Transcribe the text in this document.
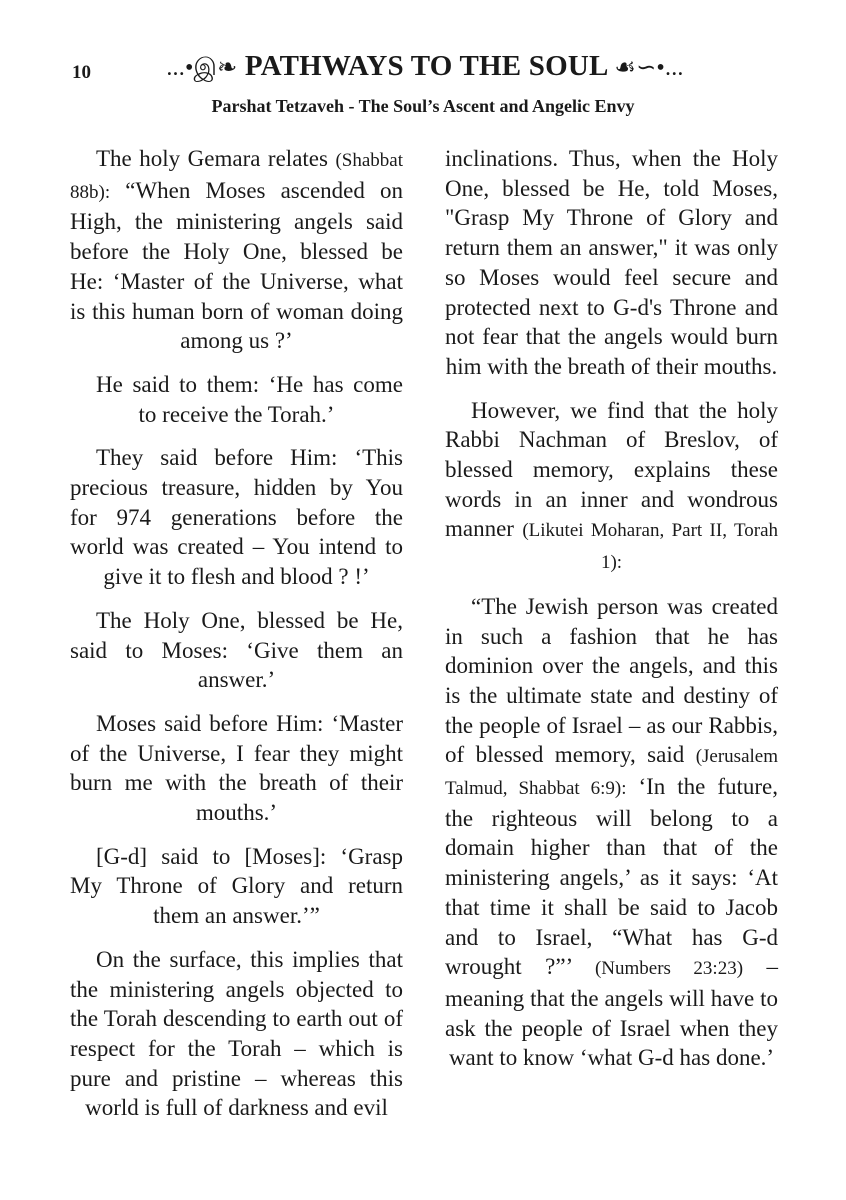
10	...•இ❧ PATHWAYS TO THE SOUL ☙∽•...
Parshat Tetzaveh - The Soul’s Ascent and Angelic Envy

The holy Gemara relates (Shabbat 88b): “When Moses ascended on High, the ministering angels said before the Holy One, blessed be He: ‘Master of the Universe, what is this human born of woman doing among us ?’

He said to them: ‘He has come to receive the Torah.’

They said before Him: ‘This precious treasure, hidden by You for 974 generations before the world was created – You intend to give it to flesh and blood ? !’

The Holy One, blessed be He, said to Moses: ‘Give them an answer.’

Moses said before Him: ‘Master of the Universe, I fear they might burn me with the breath of their mouths.’

[G-d] said to [Moses]: ‘Grasp My Throne of Glory and return them an answer.’”

On the surface, this implies that the ministering angels objected to the Torah descending to earth out of respect for the Torah – which is pure and pristine – whereas this world is full of darkness and evil

inclinations. Thus, when the Holy One, blessed be He, told Moses, "Grasp My Throne of Glory and return them an answer," it was only so Moses would feel secure and protected next to G-d's Throne and not fear that the angels would burn him with the breath of their mouths.

However, we find that the holy Rabbi Nachman of Breslov, of blessed memory, explains these words in an inner and wondrous manner (Likutei Moharan, Part II, Torah 1):

“The Jewish person was created in such a fashion that he has dominion over the angels, and this is the ultimate state and destiny of the people of Israel – as our Rabbis, of blessed memory, said (Jerusalem Talmud, Shabbat 6:9): ‘In the future, the righteous will belong to a domain higher than that of the ministering angels,’ as it says: ‘At that time it shall be said to Jacob and to Israel, “What has G-d wrought ?”’ (Numbers 23:23) – meaning that the angels will have to ask the people of Israel when they want to know ‘what G-d has done.’
